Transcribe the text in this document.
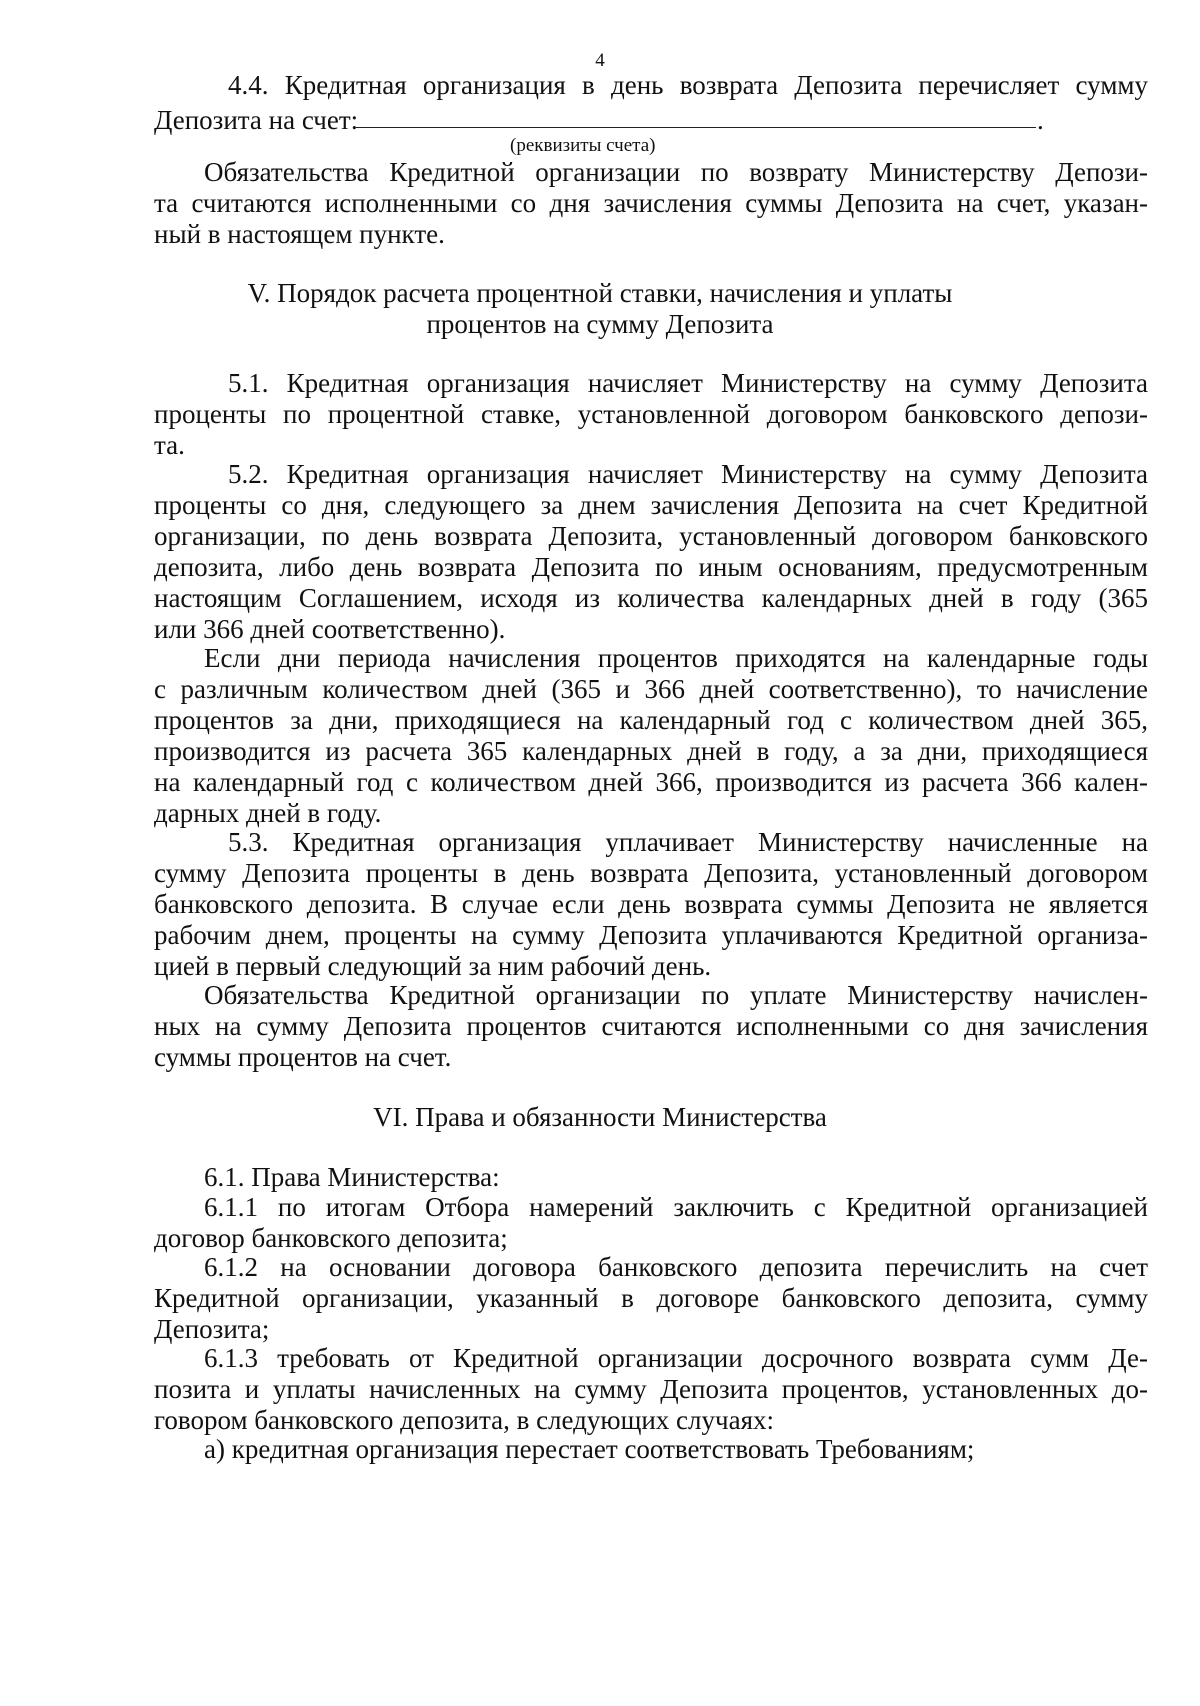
4
4.4. Кредитная организация в день возврата Депозита перечисляет сумму
Депозита на счет:	.
(реквизиты счета)
Обязательства Кредитной организации по возврату Министерству Депози-
та считаются исполненными со дня зачисления суммы Депозита на счет, указан-
ный в настоящем пункте.
V. Порядок расчета процентной ставки, начисления и уплаты
процентов на сумму Депозита
5.1. Кредитная организация начисляет Министерству на сумму Депозита
проценты по процентной ставке, установленной договором банковского депози-
та.
5.2. Кредитная организация начисляет Министерству на сумму Депозита
проценты со дня, следующего за днем зачисления Депозита на счет Кредитной
организации, по день возврата Депозита, установленный договором банковского
депозита, либо день возврата Депозита по иным основаниям, предусмотренным
настоящим Соглашением, исходя из количества календарных дней в году (365
или 366 дней соответственно).
Если дни периода начисления процентов приходятся на календарные годы
с различным количеством дней (365 и 366 дней соответственно), то начисление
процентов за дни, приходящиеся на календарный год с количеством дней 365,
производится из расчета 365 календарных дней в году, а за дни, приходящиеся
на календарный год с количеством дней 366, производится из расчета 366 кален-
дарных дней в году.
5.3. Кредитная организация уплачивает Министерству начисленные на
сумму Депозита проценты в день возврата Депозита, установленный договором
банковского депозита. В случае если день возврата суммы Депозита не является
рабочим днем, проценты на сумму Депозита уплачиваются Кредитной организа-
цией в первый следующий за ним рабочий день.
Обязательства Кредитной организации по уплате Министерству начислен-
ных на сумму Депозита процентов считаются исполненными со дня зачисления
суммы процентов на счет.
VI. Права и обязанности Министерства
6.1. Права Министерства:
6.1.1 по итогам Отбора намерений заключить с Кредитной организацией
договор банковского депозита;
6.1.2 на основании договора банковского депозита перечислить на счет
Кредитной организации, указанный в договоре банковского депозита, сумму
Депозита;
6.1.3 требовать от Кредитной организации досрочного возврата сумм Де-
позита и уплаты начисленных на сумму Депозита процентов, установленных до-
говором банковского депозита, в следующих случаях:
а) кредитная организация перестает соответствовать Требованиям;
